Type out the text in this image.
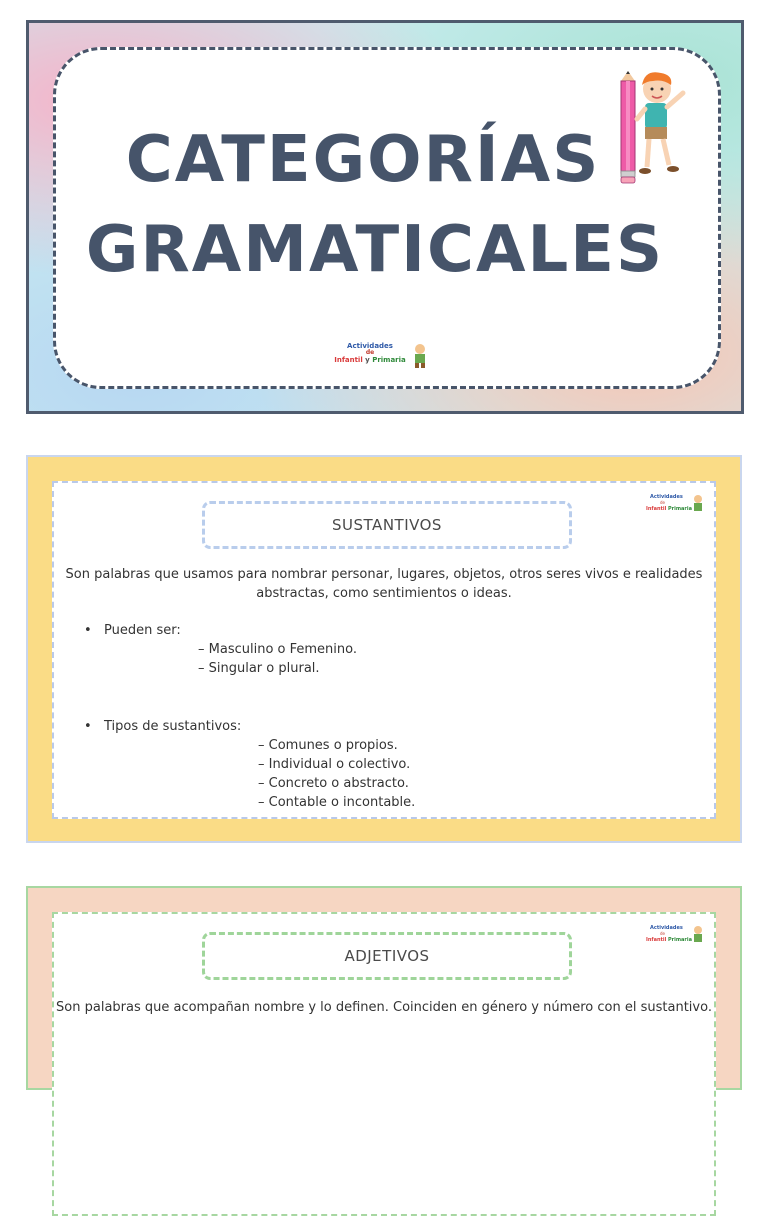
CATEGORÍAS
GRAMATICALES
Actividades
de
Infantil y Primaria
SUSTANTIVOS
Actividades
de
Infantil Primaria
Son palabras que usamos para nombrar personar, lugares, objetos, otros seres vivos e realidades abstractas, como sentimientos o ideas.
• Pueden ser:
– Masculino o Femenino.
– Singular o plural.
• Tipos de sustantivos:
– Comunes o propios.
– Individual o colectivo.
– Concreto o abstracto.
– Contable o incontable.
ADJETIVOS
Actividades
de
Infantil Primaria
Son palabras que acompañan nombre y lo definen. Coinciden en género y número con el sustantivo.
